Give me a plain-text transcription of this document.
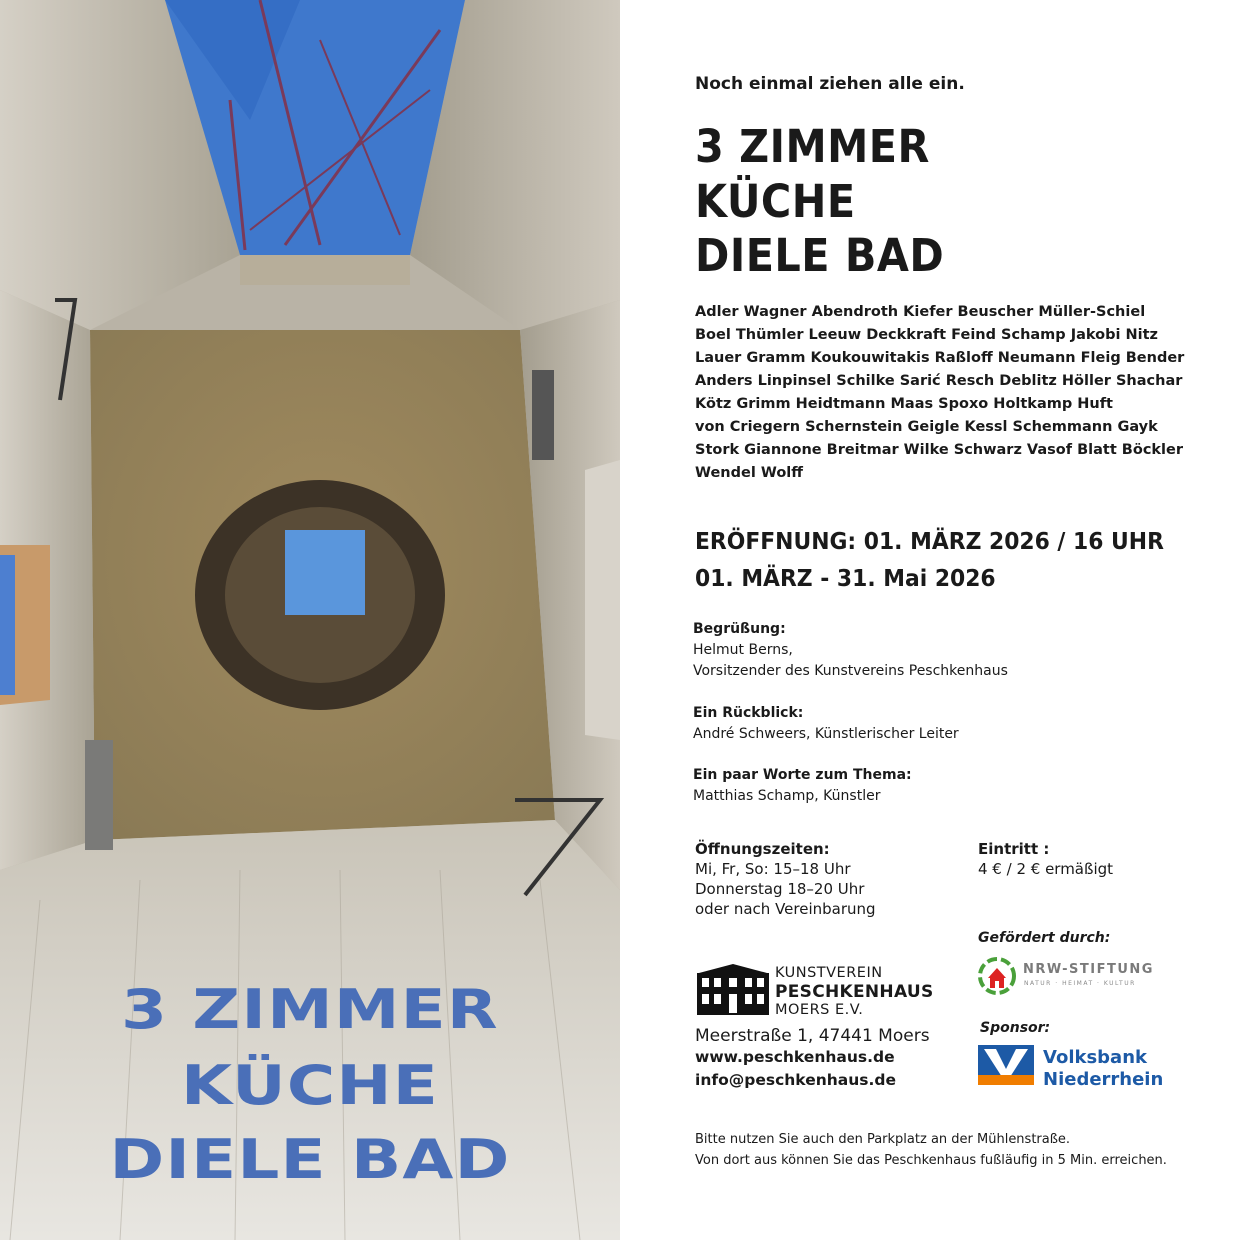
3 ZIMMER
KÜCHE
DIELE BAD
Noch einmal ziehen alle ein.
3 ZIMMER
KÜCHE
DIELE BAD
Adler Wagner Abendroth Kiefer Beuscher Müller-Schiel
Boel Thümler Leeuw Deckkraft Feind Schamp Jakobi Nitz
Lauer Gramm Koukouwitakis Raßloff Neumann Fleig Bender
Anders Linpinsel Schilke Sarić Resch Deblitz Höller Shachar
Kötz Grimm Heidtmann Maas Spoxo Holtkamp Huft
von Criegern Schernstein Geigle Kessl Schemmann Gayk
Stork Giannone Breitmar Wilke Schwarz Vasof Blatt Böckler
Wendel Wolff
ERÖFFNUNG: 01. MÄRZ 2026 / 16 UHR
01. MÄRZ - 31. Mai 2026
Begrüßung:
Helmut Berns,
Vorsitzender des Kunstvereins Peschkenhaus
Ein Rückblick:
André Schweers, Künstlerischer Leiter
Ein paar Worte zum Thema:
Matthias Schamp, Künstler
Öffnungszeiten:
Mi, Fr, So: 15–18 Uhr
Donnerstag 18–20 Uhr
oder nach Vereinbarung
Eintritt :
4 € / 2 € ermäßigt
Gefördert durch:
NRW-STIFTUNG
NATUR · HEIMAT · KULTUR
Sponsor:
Volksbank
Niederrhein
KUNSTVEREIN
PESCHKENHAUS
MOERS E.V.
Meerstraße 1, 47441 Moers
www.peschkenhaus.de
info@peschkenhaus.de
Bitte nutzen Sie auch den Parkplatz an der Mühlenstraße.
Von dort aus können Sie das Peschkenhaus fußläufig in 5 Min. erreichen.
